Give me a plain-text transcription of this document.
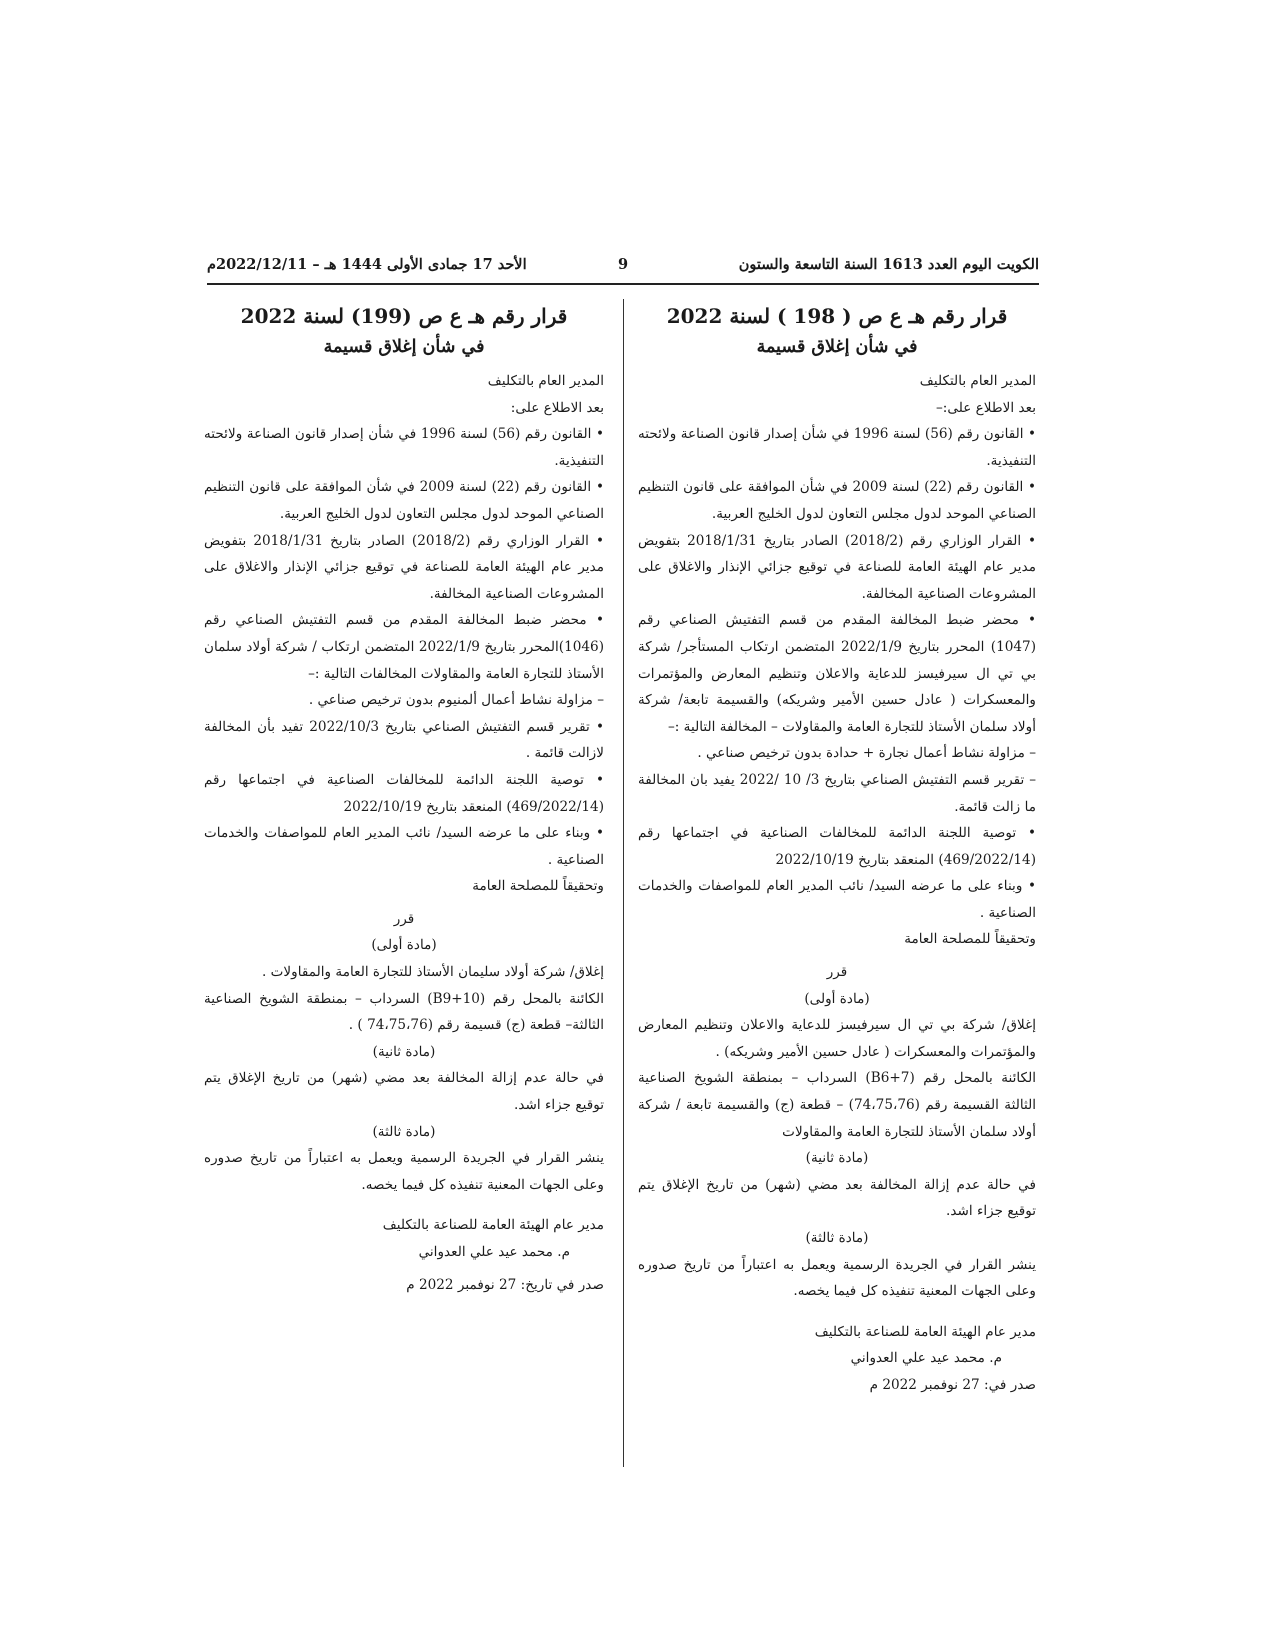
الكويت اليوم العدد 1613 السنة التاسعة والستون
9
الأحد 17 جمادى الأولى 1444 هـ – 2022/12/11م

قرار رقم هـ ع ص ( 198 ) لسنة 2022

في شأن إغلاق قسيمة

المدير العام بالتكليف

بعد الاطلاع على:–

• القانون رقم (56) لسنة 1996 في شأن إصدار قانون الصناعة ولائحته التنفيذية.

• القانون رقم (22) لسنة 2009 في شأن الموافقة على قانون التنظيم الصناعي الموحد لدول مجلس التعاون لدول الخليج العربية.

• القرار الوزاري رقم (2018/2) الصادر بتاريخ 2018/1/31 بتفويض مدير عام الهيئة العامة للصناعة في توقيع جزائي الإنذار والاغلاق على المشروعات الصناعية المخالفة.

• محضر ضبط المخالفة المقدم من قسم التفتيش الصناعي رقم (1047) المحرر بتاريخ 2022/1/9 المتضمن ارتكاب المستأجر/ شركة بي تي ال سيرفيسز للدعاية والاعلان وتنظيم المعارض والمؤتمرات والمعسكرات ( عادل حسين الأمير وشريكه) والقسيمة تابعة/ شركة أولاد سلمان الأستاذ للتجارة العامة والمقاولات – المخالفة التالية :–

– مزاولة نشاط أعمال نجارة + حدادة بدون ترخيص صناعي .

– تقرير قسم التفتيش الصناعي بتاريخ 3/ 10 /2022 يفيد بان المخالفة ما زالت قائمة.

• توصية اللجنة الدائمة للمخالفات الصناعية في اجتماعها رقم (469/2022/14) المنعقد بتاريخ 2022/10/19

• وبناء على ما عرضه السيد/ نائب المدير العام للمواصفات والخدمات الصناعية .

وتحقيقاً للمصلحة العامة

قرر

(مادة أولى)

إغلاق/ شركة بي تي ال سيرفيسز للدعاية والاعلان وتنظيم المعارض والمؤتمرات والمعسكرات ( عادل حسين الأمير وشريكه) .

الكائنة بالمحل رقم (B6+7) السرداب – بمنطقة الشويخ الصناعية الثالثة القسيمة رقم (74،75،76) – قطعة (ج) والقسيمة تابعة / شركة أولاد سلمان الأستاذ للتجارة العامة والمقاولات

(مادة ثانية)

في حالة عدم إزالة المخالفة بعد مضي (شهر) من تاريخ الإغلاق يتم توقيع جزاء اشد.

(مادة ثالثة)

ينشر القرار في الجريدة الرسمية ويعمل به اعتباراً من تاريخ صدوره وعلى الجهات المعنية تنفيذه كل فيما يخصه.

مدير عام الهيئة العامة للصناعة بالتكليف

م. محمد عيد علي العدواني

صدر في: 27 نوفمبر 2022 م

قرار رقم هـ ع ص (199) لسنة 2022

في شأن إغلاق قسيمة

المدير العام بالتكليف

بعد الاطلاع على:

• القانون رقم (56) لسنة 1996 في شأن إصدار قانون الصناعة ولائحته التنفيذية.

• القانون رقم (22) لسنة 2009 في شأن الموافقة على قانون التنظيم الصناعي الموحد لدول مجلس التعاون لدول الخليج العربية.

• القرار الوزاري رقم (2018/2) الصادر بتاريخ 2018/1/31 بتفويض مدير عام الهيئة العامة للصناعة في توقيع جزائي الإنذار والاغلاق على المشروعات الصناعية المخالفة.

• محضر ضبط المخالفة المقدم من قسم التفتيش الصناعي رقم (1046)المحرر بتاريخ 2022/1/9 المتضمن ارتكاب / شركة أولاد سلمان الأستاذ للتجارة العامة والمقاولات المخالفات التالية :–

– مزاولة نشاط أعمال ألمنيوم بدون ترخيص صناعي .

• تقرير قسم التفتيش الصناعي بتاريخ 2022/10/3 تفيد بأن المخالفة لازالت قائمة .

• توصية اللجنة الدائمة للمخالفات الصناعية في اجتماعها رقم (469/2022/14) المنعقد بتاريخ 2022/10/19

• وبناء على ما عرضه السيد/ نائب المدير العام للمواصفات والخدمات الصناعية .

وتحقيقاً للمصلحة العامة

قرر

(مادة أولى)

إغلاق/ شركة أولاد سليمان الأستاذ للتجارة العامة والمقاولات .

الكائنة بالمحل رقم (B9+10) السرداب – بمنطقة الشويخ الصناعية الثالثة– قطعة (ج) قسيمة رقم (74،75،76 ) .

(مادة ثانية)

في حالة عدم إزالة المخالفة بعد مضي (شهر) من تاريخ الإغلاق يتم توقيع جزاء اشد.

(مادة ثالثة)

ينشر القرار في الجريدة الرسمية ويعمل به اعتباراً من تاريخ صدوره وعلى الجهات المعنية تنفيذه كل فيما يخصه.

مدير عام الهيئة العامة للصناعة بالتكليف

م. محمد عيد علي العدواني

صدر في تاريخ: 27 نوفمبر 2022 م
